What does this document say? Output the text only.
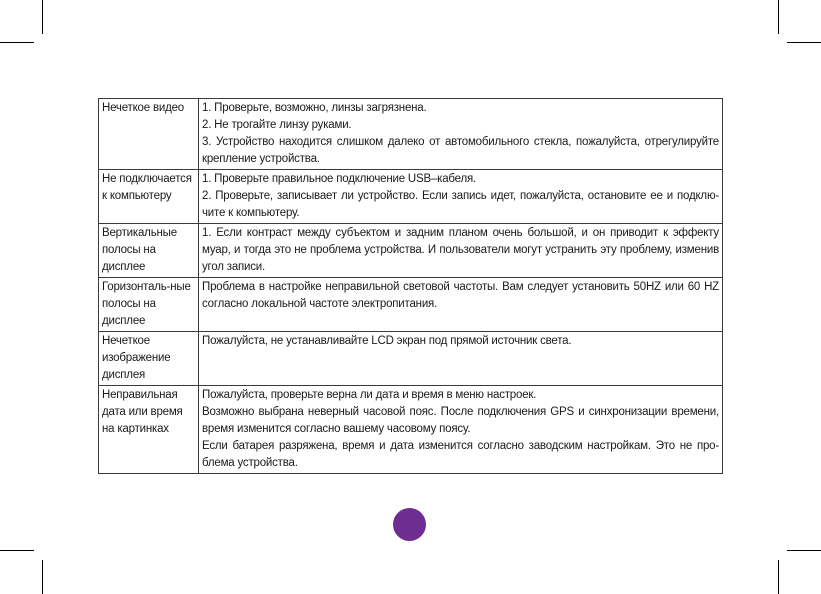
Нечеткое видео	1. Проверьте, возможно, линзы загрязнена.
2. Не трогайте линзу руками.
3. Устройство находится слишком далеко от автомобильного стекла, пожалуйста, отрегулируйте крепление устройства.

Не подключается к компьютеру	1. Проверьте правильное подключение USB–кабеля.
2. Проверьте, записывает ли устройство. Если запись идет, пожалуйста, остановите ее и подклю-чите к компьютеру.

Вертикальные полосы на дисплее	1. Если контраст между субъектом и задним планом очень большой, и он приводит к эффекту муар, и тогда это не проблема устройства. И пользователи могут устранить эту проблему, изменив угол записи.

Горизонталь-ные полосы на дисплее	Проблема в настройке неправильной световой частоты. Вам следует установить 50HZ или 60 HZ согласно локальной частоте электропитания.

Нечеткое изображение дисплея	Пожалуйста, не устанавливайте LCD экран под прямой источник света.

Неправильная дата или время на картинках	Пожалуйста, проверьте верна ли дата и время в меню настроек.
Возможно выбрана неверный часовой пояс. После подключения GPS и синхронизации времени, время изменится согласно вашему часовому поясу.
Если батарея разряжена, время и дата изменится согласно заводским настройкам. Это не про-блема устройства.
